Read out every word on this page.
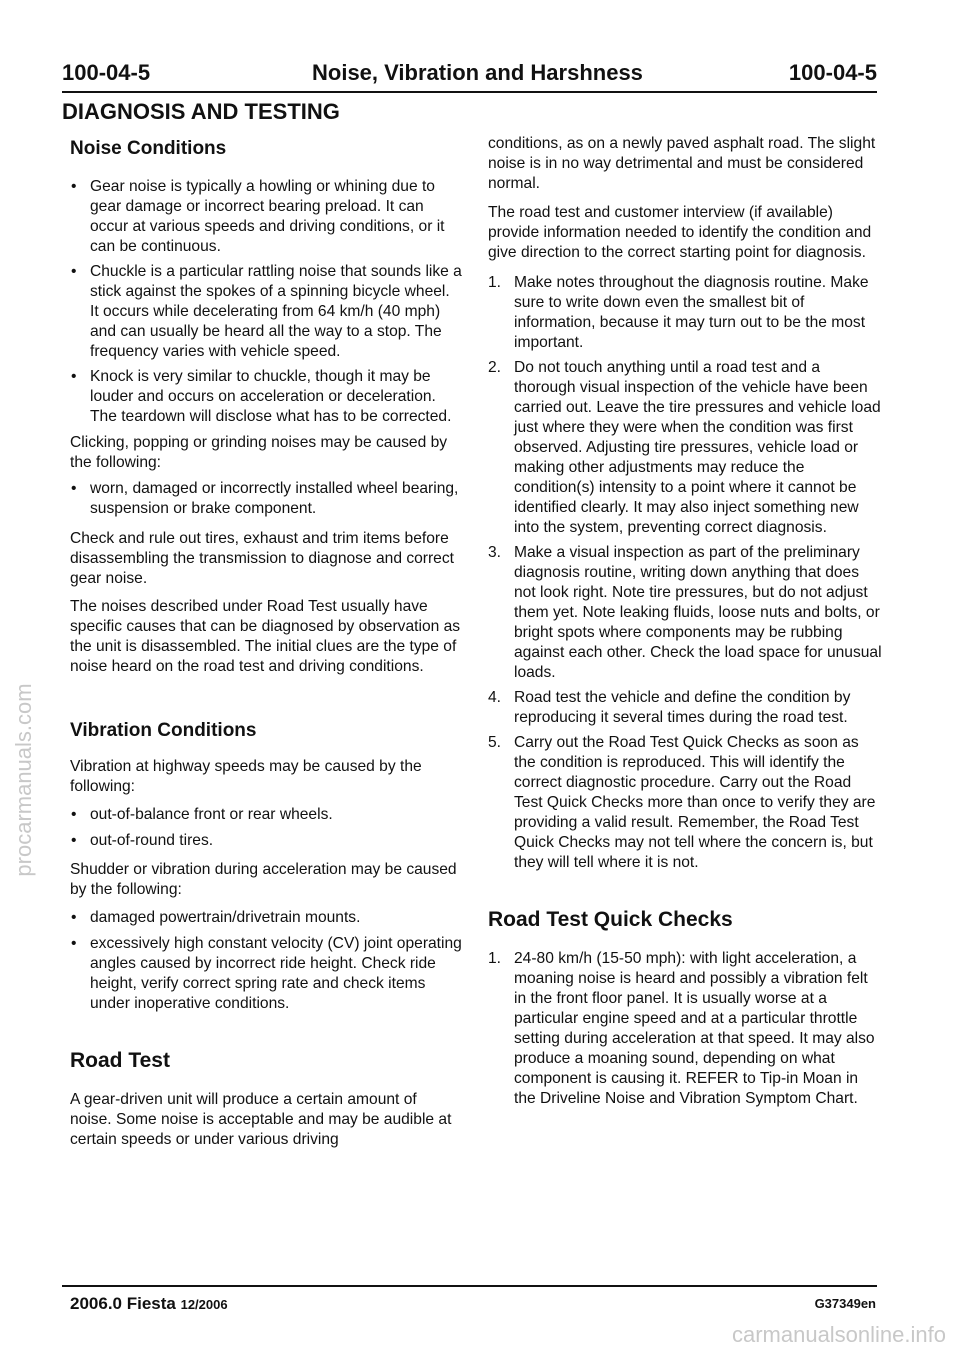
100-04-5	Noise, Vibration and Harshness	100-04-5
DIAGNOSIS AND TESTING
Noise Conditions
• Gear noise is typically a howling or whining due to gear damage or incorrect bearing preload. It can occur at various speeds and driving conditions, or it can be continuous.
• Chuckle is a particular rattling noise that sounds like a stick against the spokes of a spinning bicycle wheel. It occurs while decelerating from 64 km/h (40 mph) and can usually be heard all the way to a stop. The frequency varies with vehicle speed.
• Knock is very similar to chuckle, though it may be louder and occurs on acceleration or deceleration. The teardown will disclose what has to be corrected.

Clicking, popping or grinding noises may be caused by the following:

• worn, damaged or incorrectly installed wheel bearing, suspension or brake component.

Check and rule out tires, exhaust and trim items before disassembling the transmission to diagnose and correct gear noise.

The noises described under Road Test usually have specific causes that can be diagnosed by observation as the unit is disassembled. The initial clues are the type of noise heard on the road test and driving conditions.

Vibration Conditions

Vibration at highway speeds may be caused by the following:

• out-of-balance front or rear wheels.
• out-of-round tires.

Shudder or vibration during acceleration may be caused by the following:

• damaged powertrain/drivetrain mounts.
• excessively high constant velocity (CV) joint operating angles caused by incorrect ride height. Check ride height, verify correct spring rate and check items under inoperative conditions.
Road Test

A gear-driven unit will produce a certain amount of noise. Some noise is acceptable and may be audible at certain speeds or under various driving

conditions, as on a newly paved asphalt road. The slight noise is in no way detrimental and must be considered normal.

The road test and customer interview (if available) provide information needed to identify the condition and give direction to the correct starting point for diagnosis.

1. Make notes throughout the diagnosis routine. Make sure to write down even the smallest bit of information, because it may turn out to be the most important.
2. Do not touch anything until a road test and a thorough visual inspection of the vehicle have been carried out. Leave the tire pressures and vehicle load just where they were when the condition was first observed. Adjusting tire pressures, vehicle load or making other adjustments may reduce the condition(s) intensity to a point where it cannot be identified clearly. It may also inject something new into the system, preventing correct diagnosis.
3. Make a visual inspection as part of the preliminary diagnosis routine, writing down anything that does not look right. Note tire pressures, but do not adjust them yet. Note leaking fluids, loose nuts and bolts, or bright spots where components may be rubbing against each other. Check the load space for unusual loads.
4. Road test the vehicle and define the condition by reproducing it several times during the road test.
5. Carry out the Road Test Quick Checks as soon as the condition is reproduced. This will identify the correct diagnostic procedure. Carry out the Road Test Quick Checks more than once to verify they are providing a valid result. Remember, the Road Test Quick Checks may not tell where the concern is, but they will tell where it is not.
Road Test Quick Checks
1. 24-80 km/h (15-50 mph): with light acceleration, a moaning noise is heard and possibly a vibration felt in the front floor panel. It is usually worse at a particular engine speed and at a particular throttle setting during acceleration at that speed. It may also produce a moaning sound, depending on what component is causing it. REFER to Tip-in Moan in the Driveline Noise and Vibration Symptom Chart.
2006.0 Fiesta 12/2006	G37349en
procarmanuals.com
carmanualsonline.info
